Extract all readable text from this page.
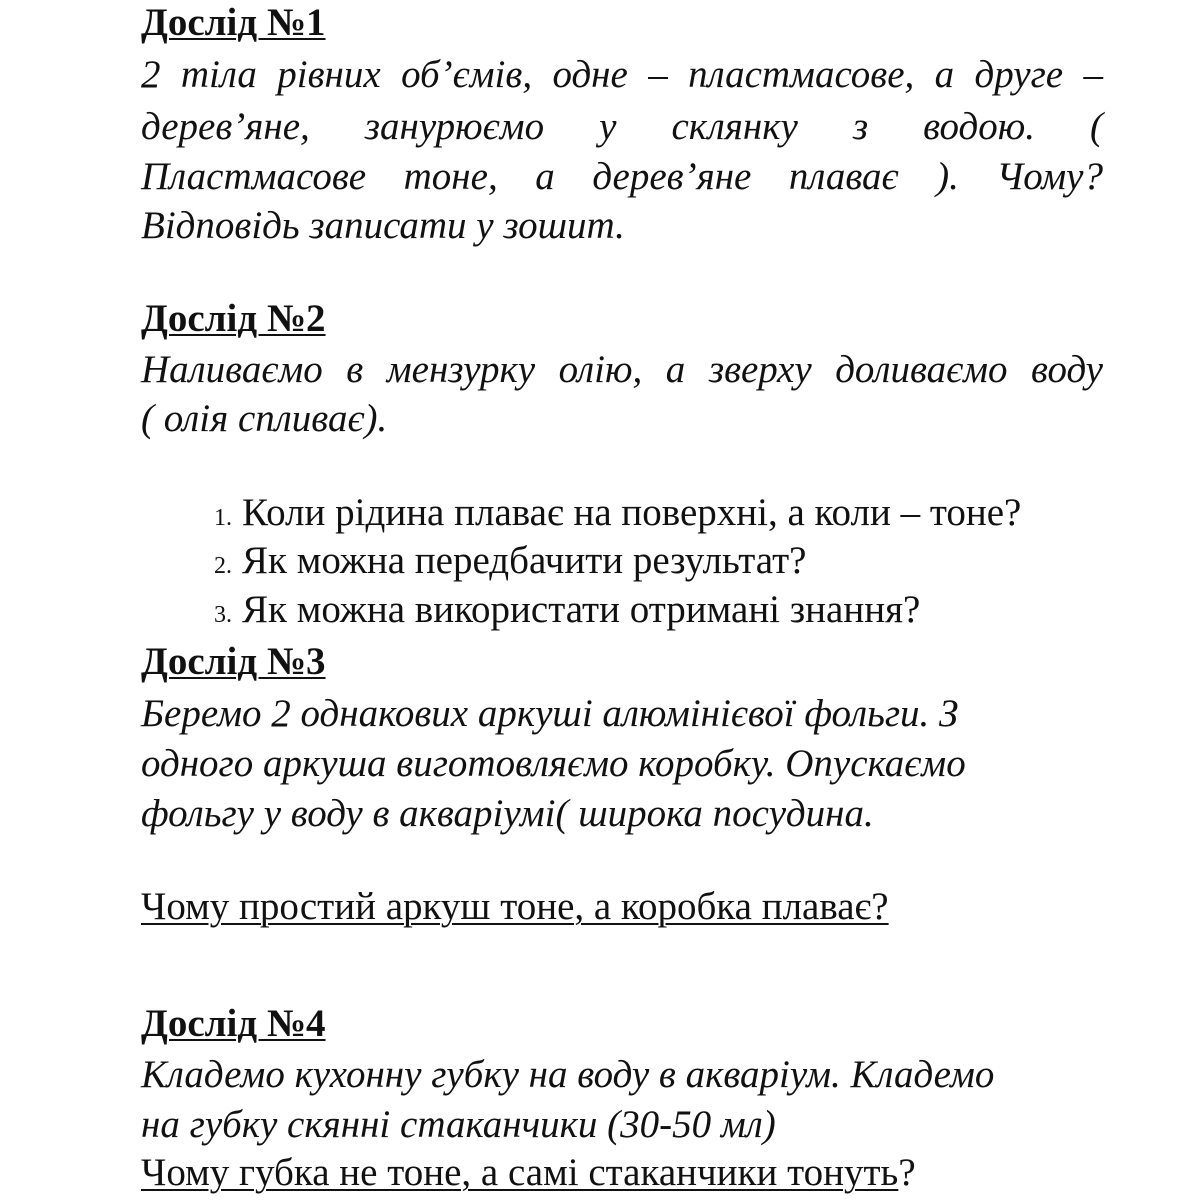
Дослід №1
2 тіла рівних об’ємів, одне – пластмасове, а друге –
дерев’яне, занурюємо у склянку з водою. (
Пластмасове тоне, а дерев’яне плаває ). Чому?
Відповідь записати у зошит.
Дослід №2
Наливаємо в мензурку олію, а зверху доливаємо воду
( олія спливає).
1. Коли рідина плаває на поверхні, а коли – тоне?
2. Як можна передбачити результат?
3. Як можна використати отримані знання?
Дослід №3
Беремо 2 однакових аркуші алюмінієвої фольги. З
одного аркуша виготовляємо коробку. Опускаємо
фольгу у воду в акваріумі( широка посудина.
Чому простий аркуш тоне, а коробка плаває?
Дослід №4
Кладемо кухонну губку на воду в акваріум. Кладемо
на губку скянні стаканчики (30-50 мл)
Чому губка не тоне, а самі стаканчики тонуть?
